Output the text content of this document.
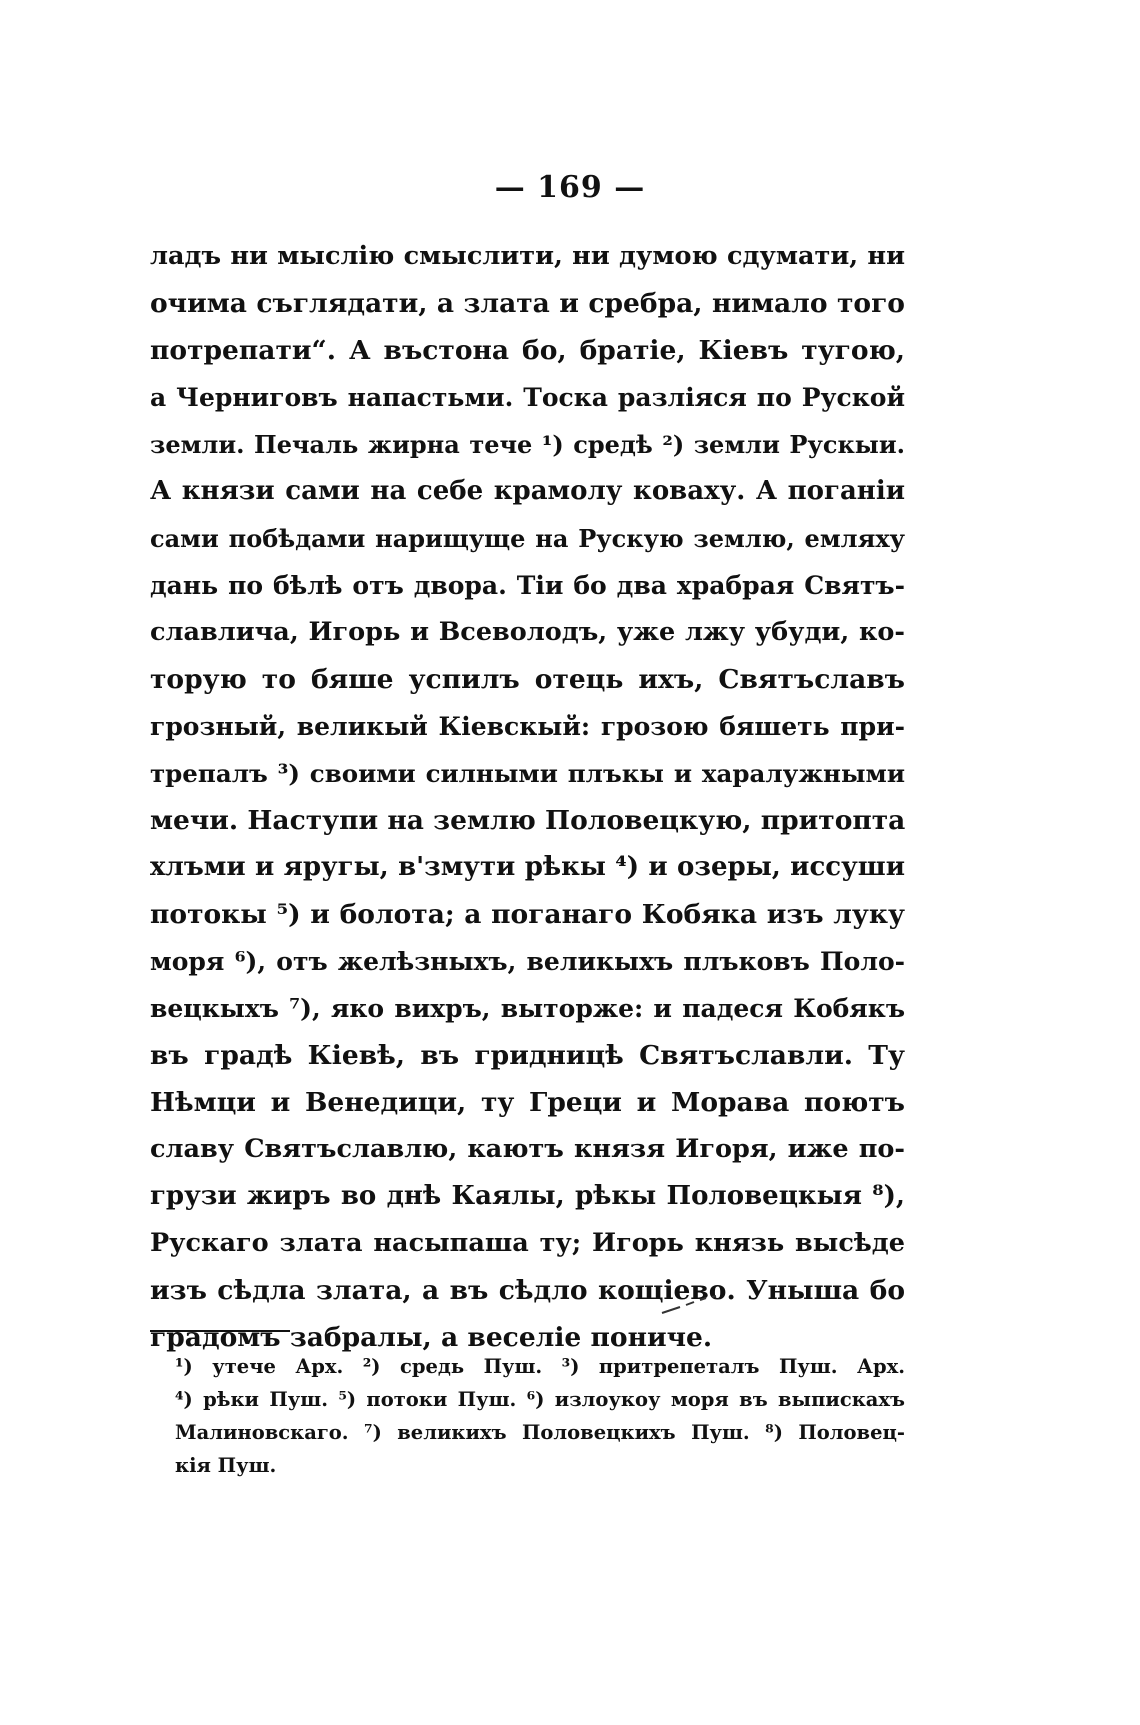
— 169 —
ладъ ни мыслію смыслити, ни думою сдумати, ни
очима съглядати, а злата и сребра, нимало того
потрепати“. А въстона бо, братіе, Кіевъ тугою,
а Черниговъ напастьми. Тоска разліяся по Руской
земли. Печаль жирна тече ¹) средѣ ²) земли Рускыи.
А князи сами на себе крамолу коваху. А поганіи
сами побѣдами нарищуще на Рускую землю, емляху
дань по бѣлѣ отъ двора. Тіи бо два храбрая Святъ-
славлича, Игорь и Всеволодъ, уже лжу убуди, ко-
торую то бяше успилъ отець ихъ, Святъславъ
грозный, великый Кіевскый: грозою бяшеть при-
трепалъ ³) своими силными плъкы и харалужными
мечи. Наступи на землю Половецкую, притопта
хлъми и яругы, в'змути рѣкы ⁴) и озеры, иссуши
потокы ⁵) и болота; а поганаго Кобяка изъ луку
моря ⁶), отъ желѣзныхъ, великыхъ плъковъ Поло-
вецкыхъ ⁷), яко вихръ, выторже: и падеся Кобякъ
въ градѣ Кіевѣ, въ гридницѣ Святъславли. Ту
Нѣмци и Венедици, ту Греци и Морава поютъ
славу Святъславлю, каютъ князя Игоря, иже по-
грузи жиръ во днѣ Каялы, рѣкы Половецкыя ⁸),
Рускаго злата насыпаша ту; Игорь князь высѣде
изъ сѣдла злата, а въ сѣдло кощіево. Уныша бо
градомъ забралы, а веселіе пониче.
¹) утече Арх. ²) средь Пуш. ³) притрепеталъ Пуш. Арх.
⁴) рѣки Пуш. ⁵) потоки Пуш. ⁶) излоукоу моря въ выпискахъ
Малиновскаго. ⁷) великихъ Половецкихъ Пуш. ⁸) Половец-
кія Пуш.
